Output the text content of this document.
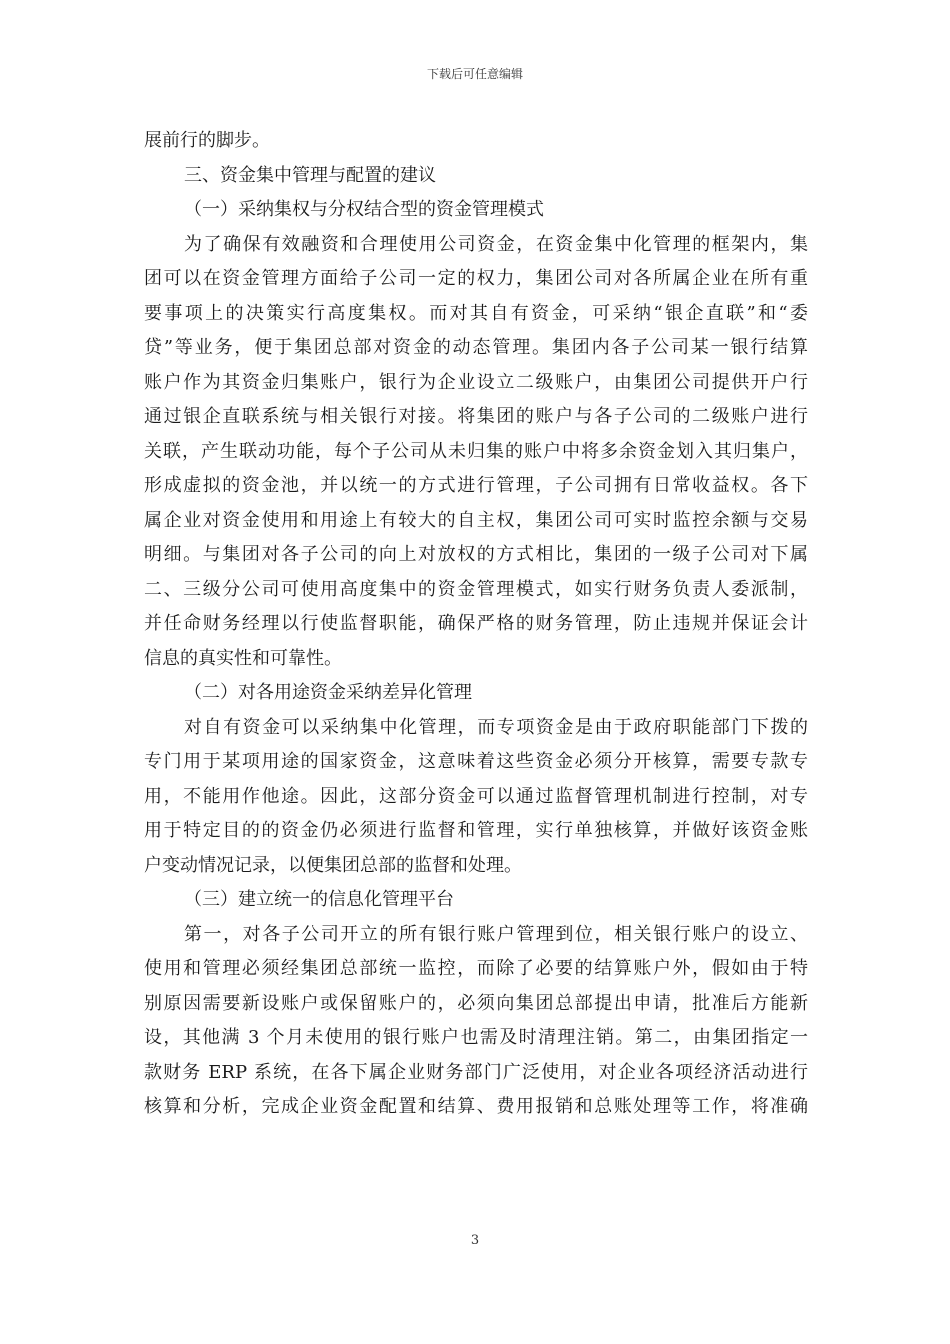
下载后可任意编辑
展前行的脚步。
三、资金集中管理与配置的建议
（一）采纳集权与分权结合型的资金管理模式
为了确保有效融资和合理使用公司资金，在资金集中化管理的框架内，集
团可以在资金管理方面给子公司一定的权力，集团公司对各所属企业在所有重
要事项上的决策实行高度集权。而对其自有资金，可采纳“银企直联”和“委
贷”等业务，便于集团总部对资金的动态管理。集团内各子公司某一银行结算
账户作为其资金归集账户，银行为企业设立二级账户，由集团公司提供开户行
通过银企直联系统与相关银行对接。将集团的账户与各子公司的二级账户进行
关联，产生联动功能，每个子公司从未归集的账户中将多余资金划入其归集户，
形成虚拟的资金池，并以统一的方式进行管理，子公司拥有日常收益权。各下
属企业对资金使用和用途上有较大的自主权，集团公司可实时监控余额与交易
明细。与集团对各子公司的向上对放权的方式相比，集团的一级子公司对下属
二、三级分公司可使用高度集中的资金管理模式，如实行财务负责人委派制，
并任命财务经理以行使监督职能，确保严格的财务管理，防止违规并保证会计
信息的真实性和可靠性。
（二）对各用途资金采纳差异化管理
对自有资金可以采纳集中化管理，而专项资金是由于政府职能部门下拨的
专门用于某项用途的国家资金，这意味着这些资金必须分开核算，需要专款专
用，不能用作他途。因此，这部分资金可以通过监督管理机制进行控制，对专
用于特定目的的资金仍必须进行监督和管理，实行单独核算，并做好该资金账
户变动情况记录，以便集团总部的监督和处理。
（三）建立统一的信息化管理平台
第一，对各子公司开立的所有银行账户管理到位，相关银行账户的设立、
使用和管理必须经集团总部统一监控，而除了必要的结算账户外，假如由于特
别原因需要新设账户或保留账户的，必须向集团总部提出申请，批准后方能新
设，其他满 3 个月未使用的银行账户也需及时清理注销。第二，由集团指定一
款财务 ERP 系统，在各下属企业财务部门广泛使用，对企业各项经济活动进行
核算和分析，完成企业资金配置和结算、费用报销和总账处理等工作，将准确
3
